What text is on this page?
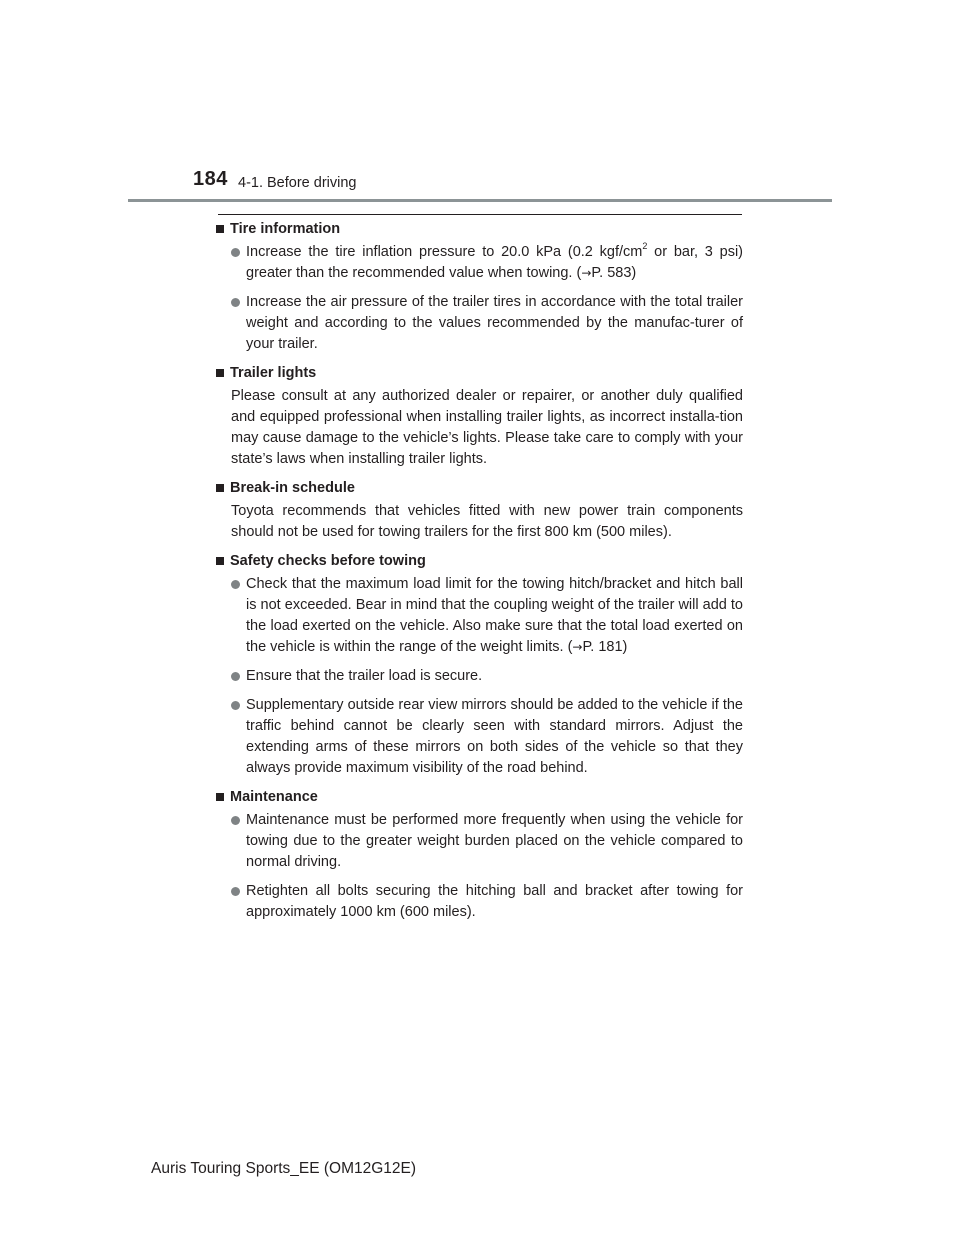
184 4-1. Before driving
Tire information
Increase the tire inflation pressure to 20.0 kPa (0.2 kgf/$cm^2$ or bar, 3 psi) greater than the recommended value when towing. (→P. 583)
Increase the air pressure of the trailer tires in accordance with the total trailer weight and according to the values recommended by the manufac-turer of your trailer.
Trailer lights

Please consult at any authorized dealer or repairer, or another duly qualified and equipped professional when installing trailer lights, as incorrect installa-tion may cause damage to the vehicle’s lights. Please take care to comply with your state’s laws when installing trailer lights.

Break-in schedule

Toyota recommends that vehicles fitted with new power train components should not be used for towing trailers for the first 800 km (500 miles).

Safety checks before towing
Check that the maximum load limit for the towing hitch/bracket and hitch ball is not exceeded. Bear in mind that the coupling weight of the trailer will add to the load exerted on the vehicle. Also make sure that the total load exerted on the vehicle is within the range of the weight limits. (→P. 181)
Ensure that the trailer load is secure.
Supplementary outside rear view mirrors should be added to the vehicle if the traffic behind cannot be clearly seen with standard mirrors. Adjust the extending arms of these mirrors on both sides of the vehicle so that they always provide maximum visibility of the road behind.
Maintenance
Maintenance must be performed more frequently when using the vehicle for towing due to the greater weight burden placed on the vehicle compared to normal driving.
Retighten all bolts securing the hitching ball and bracket after towing for approximately 1000 km (600 miles).
Auris Touring Sports_EE (OM12G12E)
